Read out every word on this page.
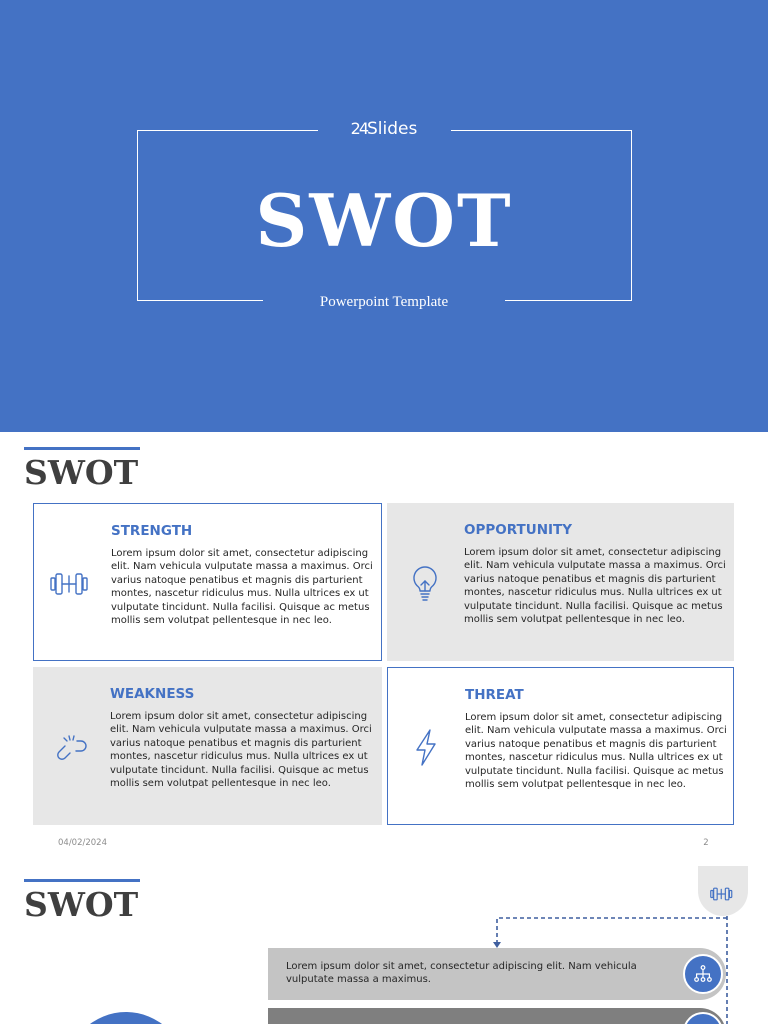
24Slides
SWOT
Powerpoint Template
SWOT
STRENGTH

Lorem ipsum dolor sit amet, consectetur adipiscing elit. Nam vehicula vulputate massa a maximus. Orci varius natoque penatibus et magnis dis parturient montes, nascetur ridiculus mus. Nulla ultrices ex ut vulputate tincidunt. Nulla facilisi. Quisque ac metus mollis sem volutpat pellentesque in nec leo.

OPPORTUNITY

Lorem ipsum dolor sit amet, consectetur adipiscing elit. Nam vehicula vulputate massa a maximus. Orci varius natoque penatibus et magnis dis parturient montes, nascetur ridiculus mus. Nulla ultrices ex ut vulputate tincidunt. Nulla facilisi. Quisque ac metus mollis sem volutpat pellentesque in nec leo.

WEAKNESS

Lorem ipsum dolor sit amet, consectetur adipiscing elit. Nam vehicula vulputate massa a maximus. Orci varius natoque penatibus et magnis dis parturient montes, nascetur ridiculus mus. Nulla ultrices ex ut vulputate tincidunt. Nulla facilisi. Quisque ac metus mollis sem volutpat pellentesque in nec leo.

THREAT

Lorem ipsum dolor sit amet, consectetur adipiscing elit. Nam vehicula vulputate massa a maximus. Orci varius natoque penatibus et magnis dis parturient montes, nascetur ridiculus mus. Nulla ultrices ex ut vulputate tincidunt. Nulla facilisi. Quisque ac metus mollis sem volutpat pellentesque in nec leo.

04/02/2024	2
SWOT

Lorem ipsum dolor sit amet, consectetur adipiscing elit. Nam vehicula vulputate massa a maximus.
